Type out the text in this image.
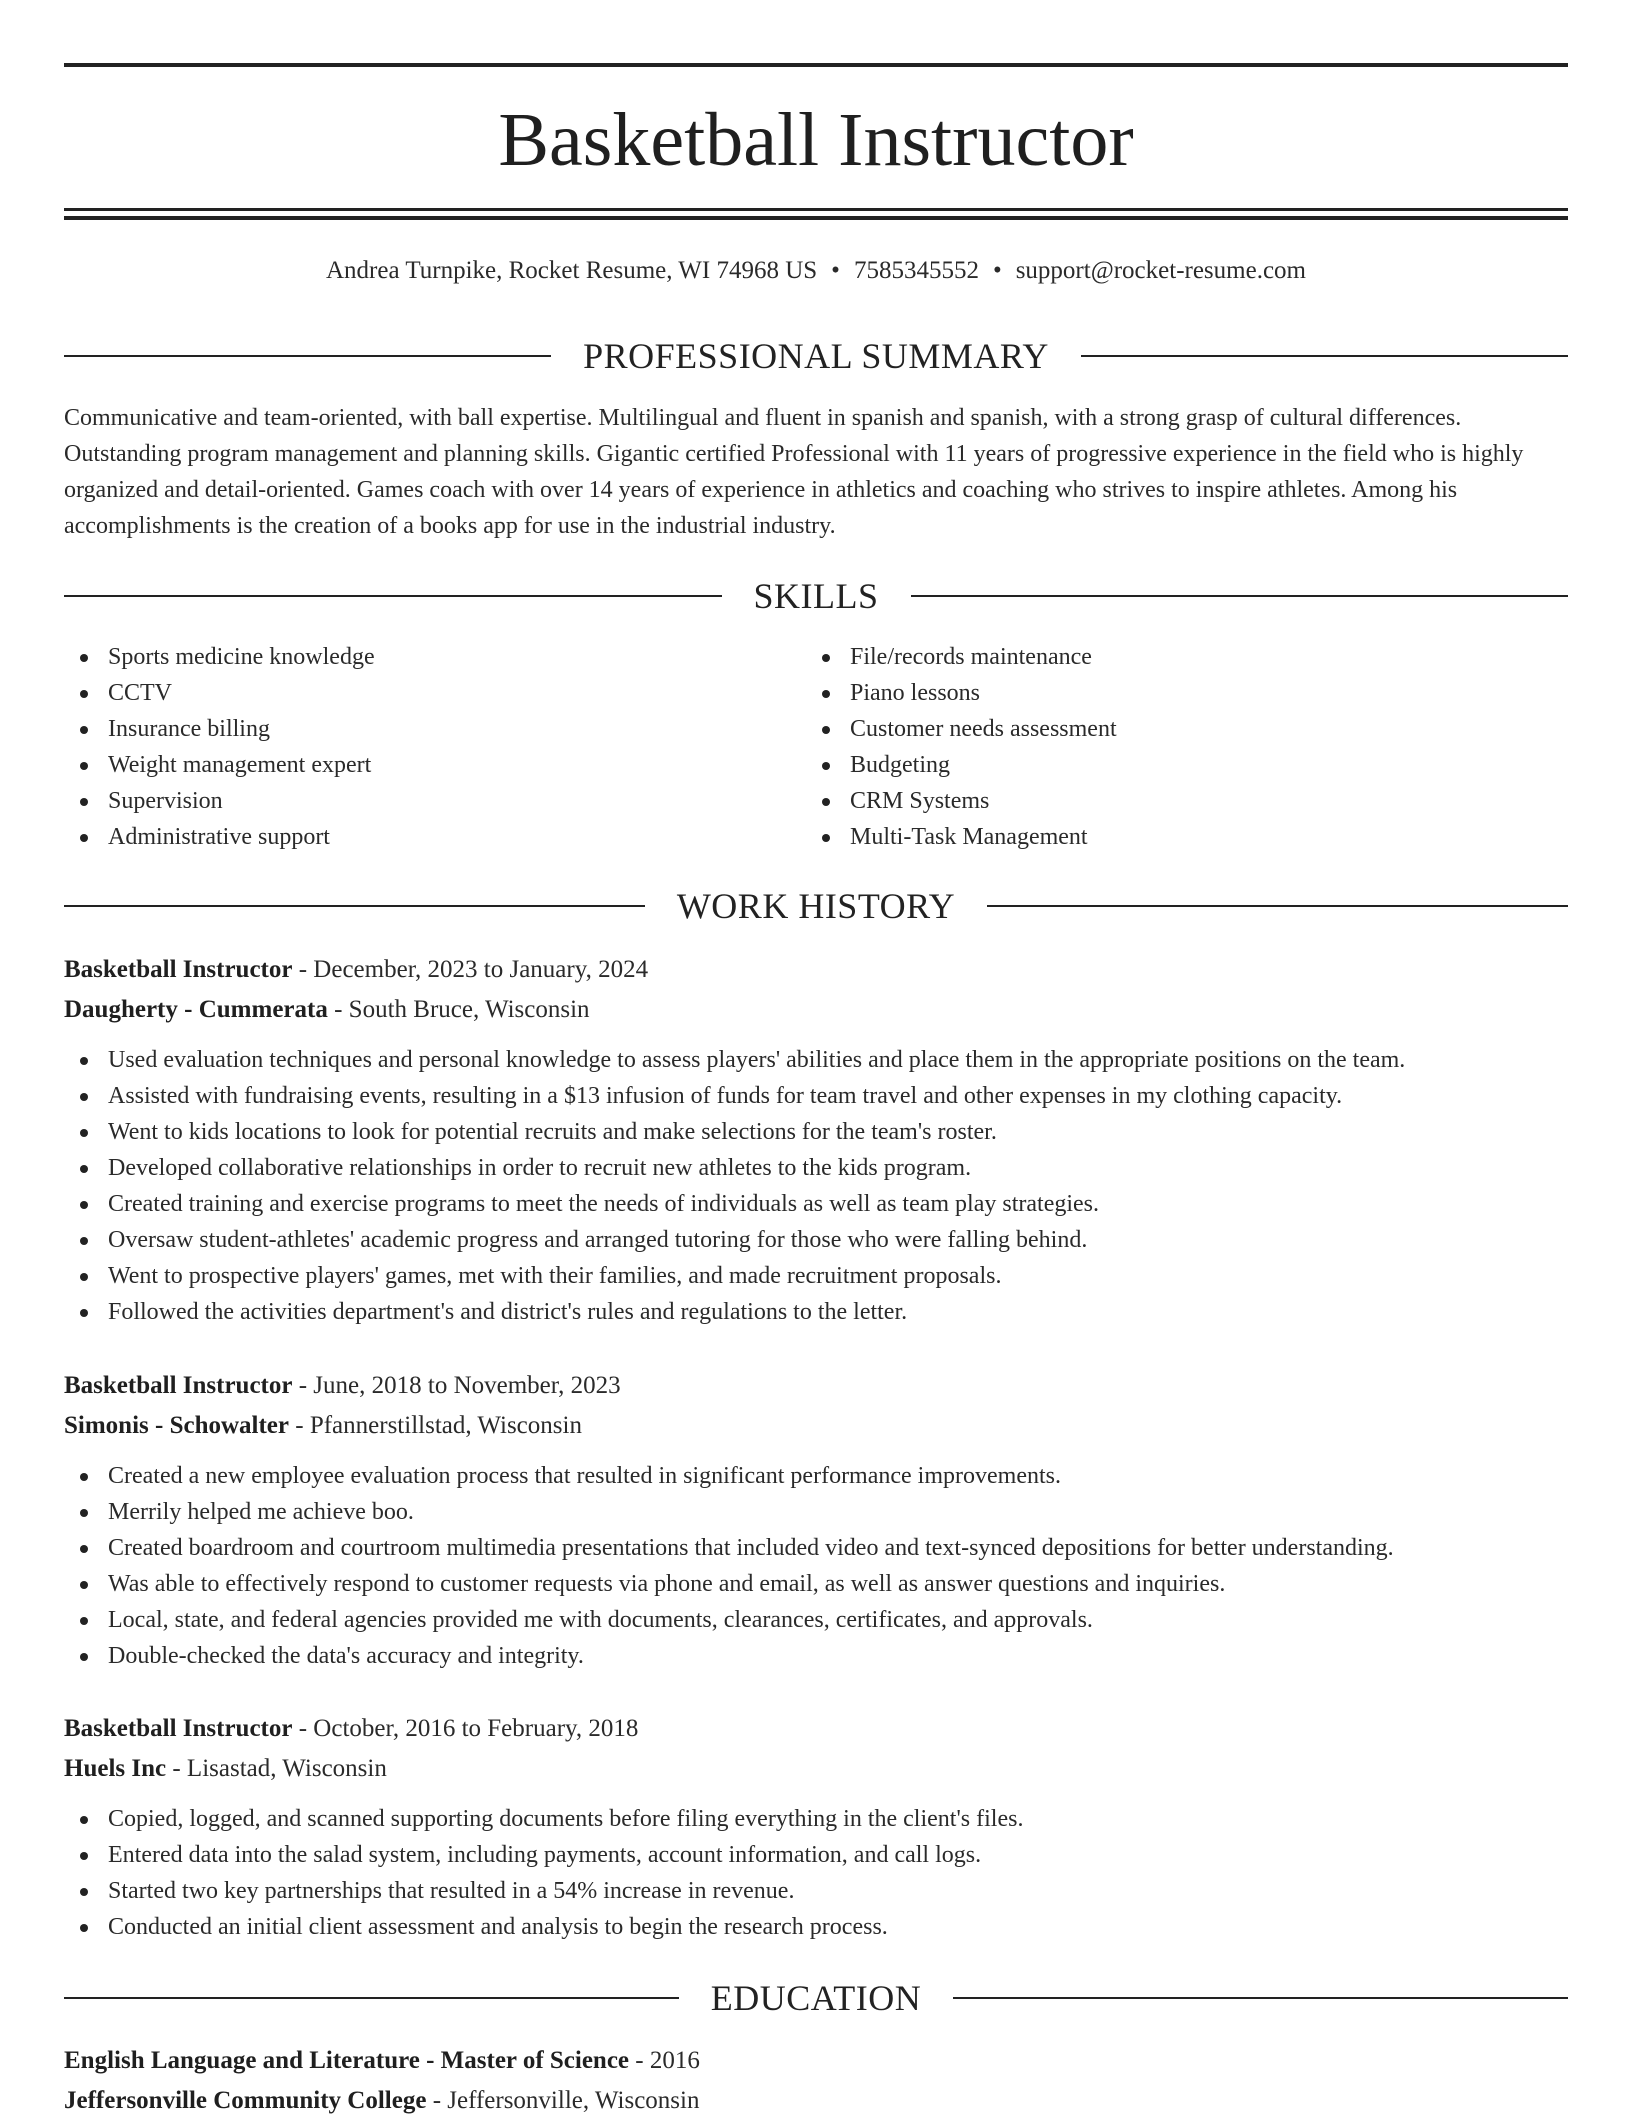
Basketball Instructor
Andrea Turnpike, Rocket Resume, WI 74968 US • 7585345552 • support@rocket-resume.com
PROFESSIONAL SUMMARY

Communicative and team-oriented, with ball expertise. Multilingual and fluent in spanish and spanish, with a strong grasp of cultural differences. Outstanding program management and planning skills. Gigantic certified Professional with 11 years of progressive experience in the field who is highly organized and detail-oriented. Games coach with over 14 years of experience in athletics and coaching who strives to inspire athletes. Among his accomplishments is the creation of a books app for use in the industrial industry.

SKILLS
Sports medicine knowledge
CCTV
Insurance billing
Weight management expert
Supervision
Administrative support
File/records maintenance
Piano lessons
Customer needs assessment
Budgeting
CRM Systems
Multi-Task Management
WORK HISTORY
Basketball Instructor - December, 2023 to January, 2024
Daugherty - Cummerata - South Bruce, Wisconsin
Used evaluation techniques and personal knowledge to assess players' abilities and place them in the appropriate positions on the team.
Assisted with fundraising events, resulting in a $13 infusion of funds for team travel and other expenses in my clothing capacity.
Went to kids locations to look for potential recruits and make selections for the team's roster.
Developed collaborative relationships in order to recruit new athletes to the kids program.
Created training and exercise programs to meet the needs of individuals as well as team play strategies.
Oversaw student-athletes' academic progress and arranged tutoring for those who were falling behind.
Went to prospective players' games, met with their families, and made recruitment proposals.
Followed the activities department's and district's rules and regulations to the letter.
Basketball Instructor - June, 2018 to November, 2023
Simonis - Schowalter - Pfannerstillstad, Wisconsin
Created a new employee evaluation process that resulted in significant performance improvements.
Merrily helped me achieve boo.
Created boardroom and courtroom multimedia presentations that included video and text-synced depositions for better understanding.
Was able to effectively respond to customer requests via phone and email, as well as answer questions and inquiries.
Local, state, and federal agencies provided me with documents, clearances, certificates, and approvals.
Double-checked the data's accuracy and integrity.
Basketball Instructor - October, 2016 to February, 2018
Huels Inc - Lisastad, Wisconsin
Copied, logged, and scanned supporting documents before filing everything in the client's files.
Entered data into the salad system, including payments, account information, and call logs.
Started two key partnerships that resulted in a 54% increase in revenue.
Conducted an initial client assessment and analysis to begin the research process.
EDUCATION
English Language and Literature - Master of Science - 2016
Jeffersonville Community College - Jeffersonville, Wisconsin
